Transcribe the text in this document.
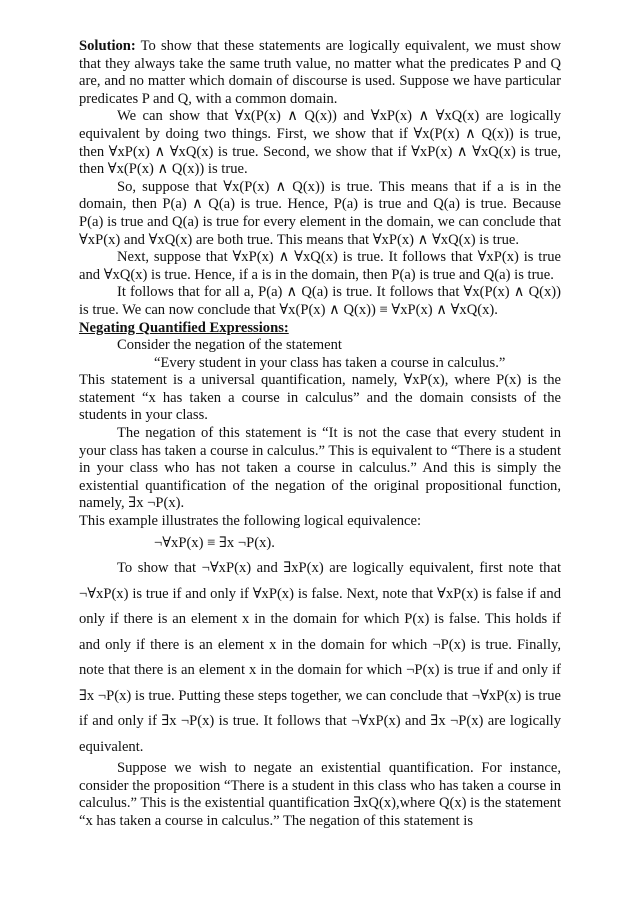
Solution: To show that these statements are logically equivalent, we must show that they always take the same truth value, no matter what the predicates P and Q are, and no matter which domain of discourse is used. Suppose we have particular predicates P and Q, with a common domain.

We can show that ∀x(P(x) ∧ Q(x)) and ∀xP(x) ∧ ∀xQ(x) are logically equivalent by doing two things. First, we show that if ∀x(P(x) ∧ Q(x)) is true, then ∀xP(x) ∧ ∀xQ(x) is true. Second, we show that if ∀xP(x) ∧ ∀xQ(x) is true, then ∀x(P(x) ∧ Q(x)) is true.

So, suppose that ∀x(P(x) ∧ Q(x)) is true. This means that if a is in the domain, then P(a) ∧ Q(a) is true. Hence, P(a) is true and Q(a) is true. Because P(a) is true and Q(a) is true for every element in the domain, we can conclude that ∀xP(x) and ∀xQ(x) are both true. This means that ∀xP(x) ∧ ∀xQ(x) is true.

Next, suppose that ∀xP(x) ∧ ∀xQ(x) is true. It follows that ∀xP(x) is true and ∀xQ(x) is true. Hence, if a is in the domain, then P(a) is true and Q(a) is true.

It follows that for all a, P(a) ∧ Q(a) is true. It follows that ∀x(P(x) ∧ Q(x)) is true. We can now conclude that ∀x(P(x) ∧ Q(x)) ≡ ∀xP(x) ∧ ∀xQ(x).

Negating Quantified Expressions:

Consider the negation of the statement

“Every student in your class has taken a course in calculus.”

This statement is a universal quantification, namely, ∀xP(x), where P(x) is the statement “x has taken a course in calculus” and the domain consists of the students in your class.

The negation of this statement is “It is not the case that every student in your class has taken a course in calculus.” This is equivalent to “There is a student in your class who has not taken a course in calculus.” And this is simply the existential quantification of the negation of the original propositional function, namely, ∃x ¬P(x).

This example illustrates the following logical equivalence:

¬∀xP(x) ≡ ∃x ¬P(x).

To show that ¬∀xP(x) and ∃xP(x) are logically equivalent, first note that ¬∀xP(x) is true if and only if ∀xP(x) is false. Next, note that ∀xP(x) is false if and only if there is an element x in the domain for which P(x) is false. This holds if and only if there is an element x in the domain for which ¬P(x) is true. Finally, note that there is an element x in the domain for which ¬P(x) is true if and only if ∃x ¬P(x) is true. Putting these steps together, we can conclude that ¬∀xP(x) is true if and only if ∃x ¬P(x) is true. It follows that ¬∀xP(x) and ∃x ¬P(x) are logically equivalent.

Suppose we wish to negate an existential quantification. For instance, consider the proposition “There is a student in this class who has taken a course in calculus.” This is the existential quantification ∃xQ(x),where Q(x) is the statement “x has taken a course in calculus.” The negation of this statement is
